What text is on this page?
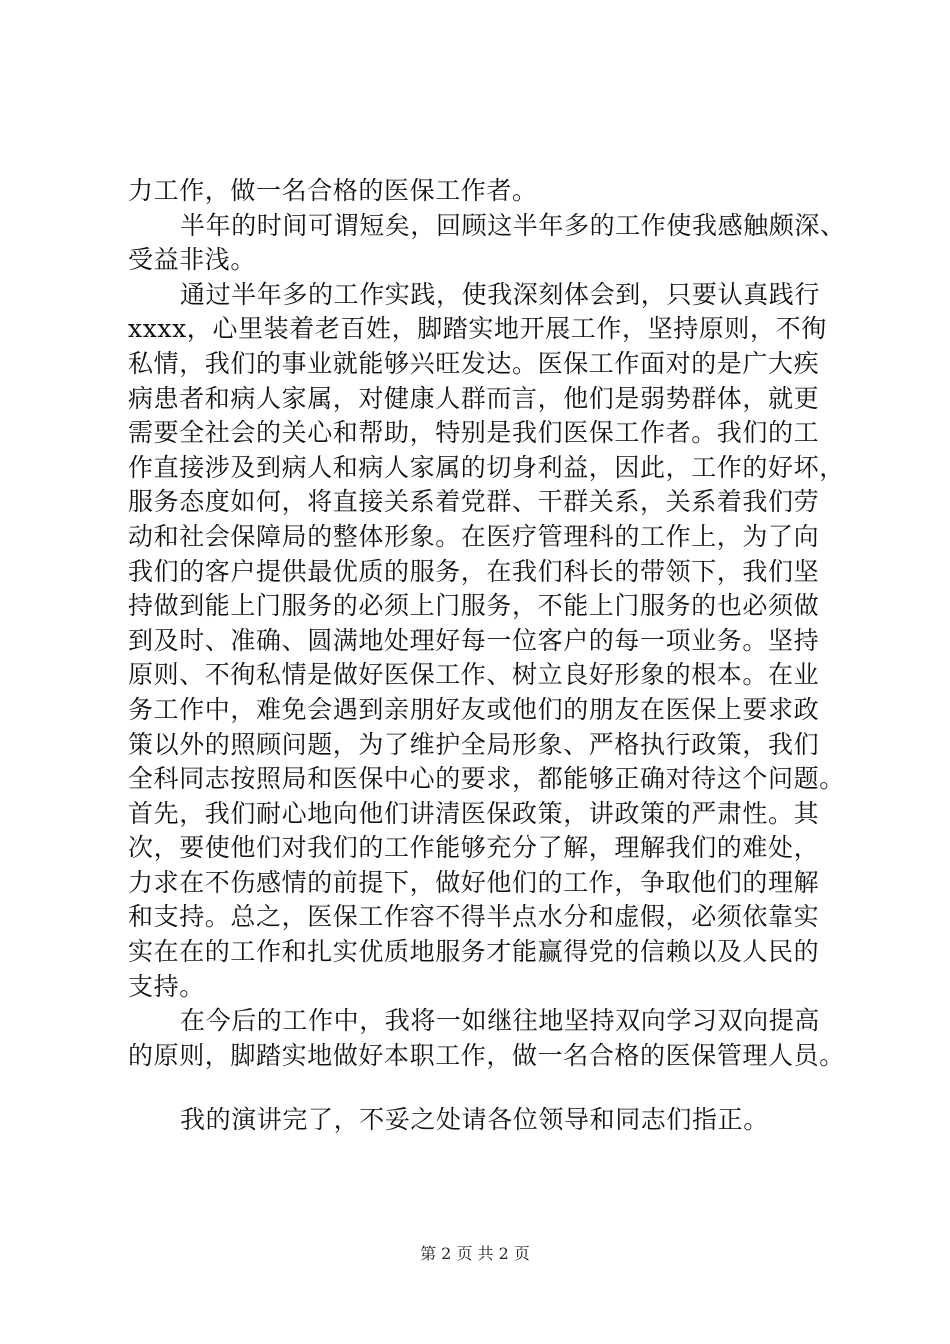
力工作，做一名合格的医保工作者。
半年的时间可谓短矣，回顾这半年多的工作使我感触颇深、
受益非浅。
通过半年多的工作实践，使我深刻体会到，只要认真践行
xxxx，心里装着老百姓，脚踏实地开展工作，坚持原则，不徇
私情，我们的事业就能够兴旺发达。医保工作面对的是广大疾
病患者和病人家属，对健康人群而言，他们是弱势群体，就更
需要全社会的关心和帮助，特别是我们医保工作者。我们的工
作直接涉及到病人和病人家属的切身利益，因此，工作的好坏，
服务态度如何，将直接关系着党群、干群关系，关系着我们劳
动和社会保障局的整体形象。在医疗管理科的工作上，为了向
我们的客户提供最优质的服务，在我们科长的带领下，我们坚
持做到能上门服务的必须上门服务，不能上门服务的也必须做
到及时、准确、圆满地处理好每一位客户的每一项业务。坚持
原则、不徇私情是做好医保工作、树立良好形象的根本。在业
务工作中，难免会遇到亲朋好友或他们的朋友在医保上要求政
策以外的照顾问题，为了维护全局形象、严格执行政策，我们
全科同志按照局和医保中心的要求，都能够正确对待这个问题。
首先，我们耐心地向他们讲清医保政策，讲政策的严肃性。其
次，要使他们对我们的工作能够充分了解，理解我们的难处，
力求在不伤感情的前提下，做好他们的工作，争取他们的理解
和支持。总之，医保工作容不得半点水分和虚假，必须依靠实
实在在的工作和扎实优质地服务才能赢得党的信赖以及人民的
支持。
在今后的工作中，我将一如继往地坚持双向学习双向提高
的原则，脚踏实地做好本职工作，做一名合格的医保管理人员。
我的演讲完了，不妥之处请各位领导和同志们指正。
第 2 页 共 2 页
